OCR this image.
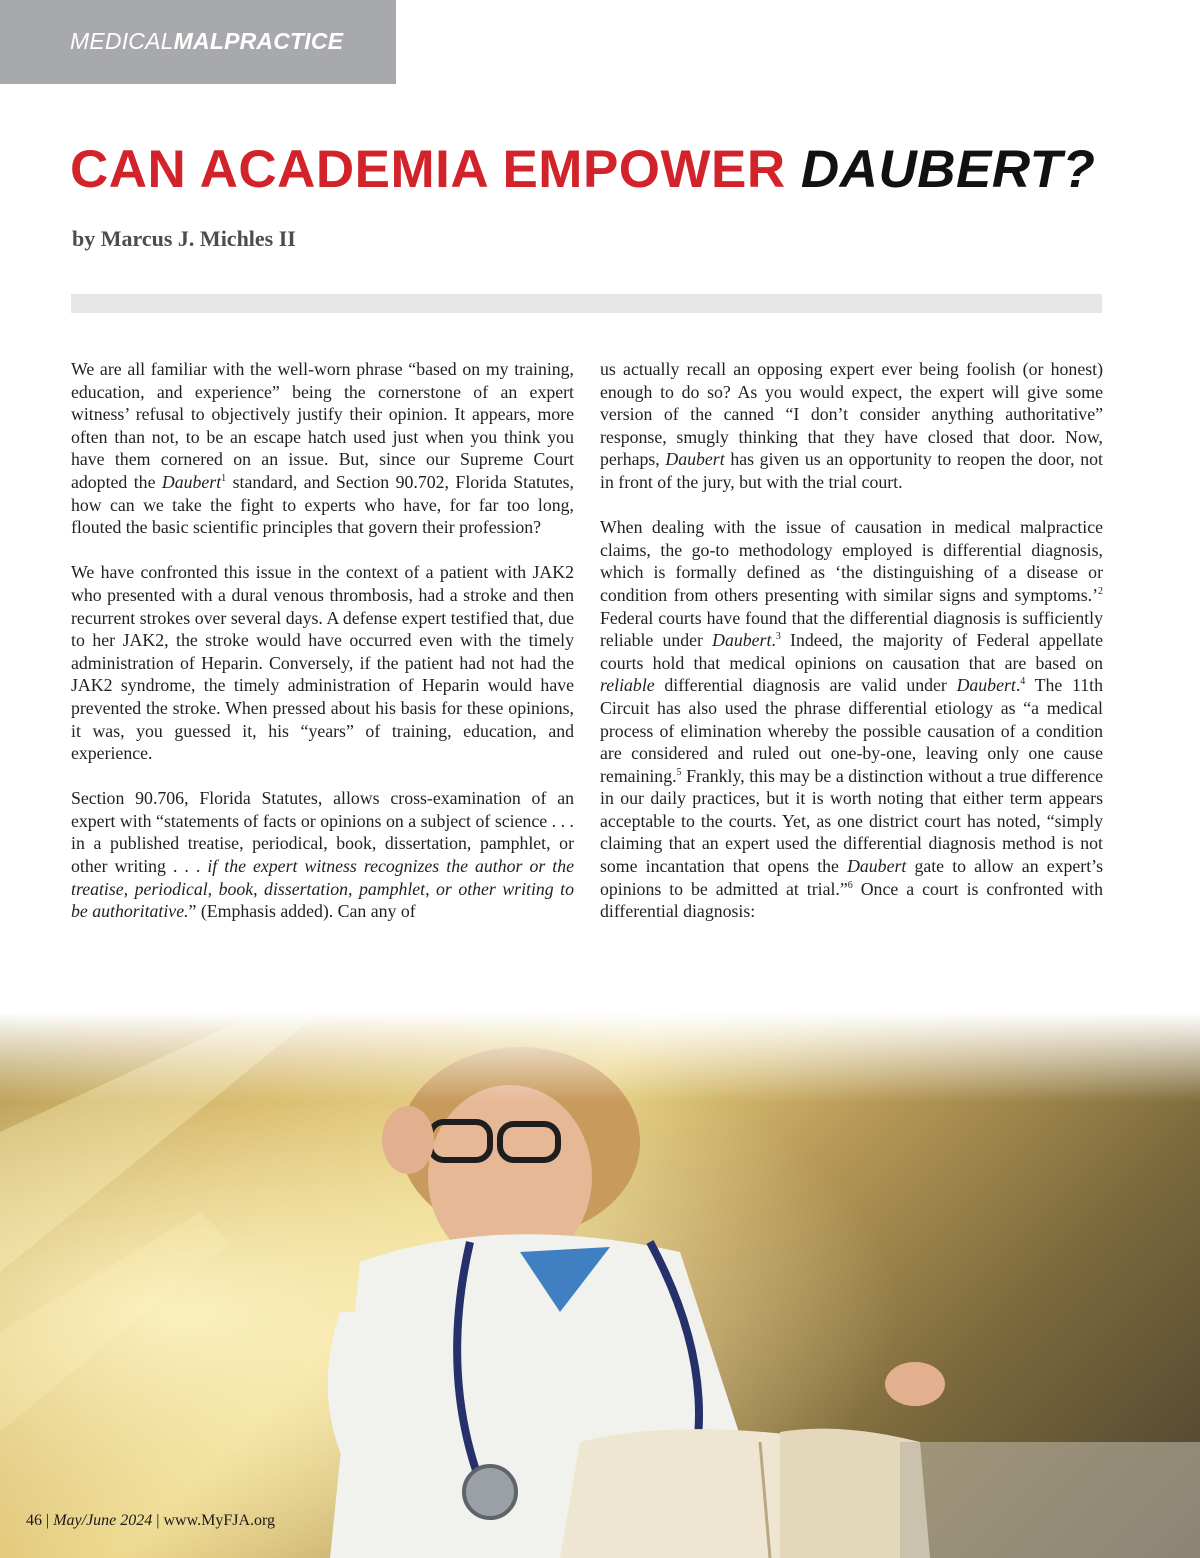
MEDICALMALPRACTICE
CAN ACADEMIA EMPOWER DAUBERT?
by Marcus J. Michles II

We are all familiar with the well-worn phrase “based on my training, education, and experience” being the cornerstone of an expert witness’ refusal to objectively justify their opinion. It appears, more often than not, to be an escape hatch used just when you think you have them cornered on an issue. But, since our Supreme Court adopted the Daubert$^1$ standard, and Section 90.702, Florida Statutes, how can we take the fight to experts who have, for far too long, flouted the basic scientific principles that govern their profession?

We have confronted this issue in the context of a patient with JAK2 who presented with a dural venous thrombosis, had a stroke and then recurrent strokes over several days. A defense expert testified that, due to her JAK2, the stroke would have occurred even with the timely administration of Heparin. Conversely, if the patient had not had the JAK2 syndrome, the timely administration of Heparin would have prevented the stroke. When pressed about his basis for these opinions, it was, you guessed it, his “years” of training, education, and experience.

Section 90.706, Florida Statutes, allows cross-examination of an expert with “statements of facts or opinions on a subject of science . . . in a published treatise, periodical, book, dissertation, pamphlet, or other writing . . . if the expert witness recognizes the author or the treatise, periodical, book, dissertation, pamphlet, or other writing to be authoritative.” (Emphasis added). Can any of

us actually recall an opposing expert ever being foolish (or honest) enough to do so? As you would expect, the expert will give some version of the canned “I don’t consider anything authoritative” response, smugly thinking that they have closed that door. Now, perhaps, Daubert has given us an opportunity to reopen the door, not in front of the jury, but with the trial court.

When dealing with the issue of causation in medical malpractice claims, the go-to methodology employed is differential diagnosis, which is formally defined as ‘the distinguishing of a disease or condition from others presenting with similar signs and symptoms.’$^2$ Federal courts have found that the differential diagnosis is sufficiently reliable under Daubert.$^3$ Indeed, the majority of Federal appellate courts hold that medical opinions on causation that are based on reliable differential diagnosis are valid under Daubert.$^4$ The 11th Circuit has also used the phrase differential etiology as “a medical process of elimination whereby the possible causation of a condition are considered and ruled out one-by-one, leaving only one cause remaining.$^5$ Frankly, this may be a distinction without a true difference in our daily practices, but it is worth noting that either term appears acceptable to the courts. Yet, as one district court has noted, “simply claiming that an expert used the differential diagnosis method is not some incantation that opens the Daubert gate to allow an expert’s opinions to be admitted at trial.”$^6$ Once a court is confronted with differential diagnosis:

46 | May/June 2024 | www.MyFJA.org
